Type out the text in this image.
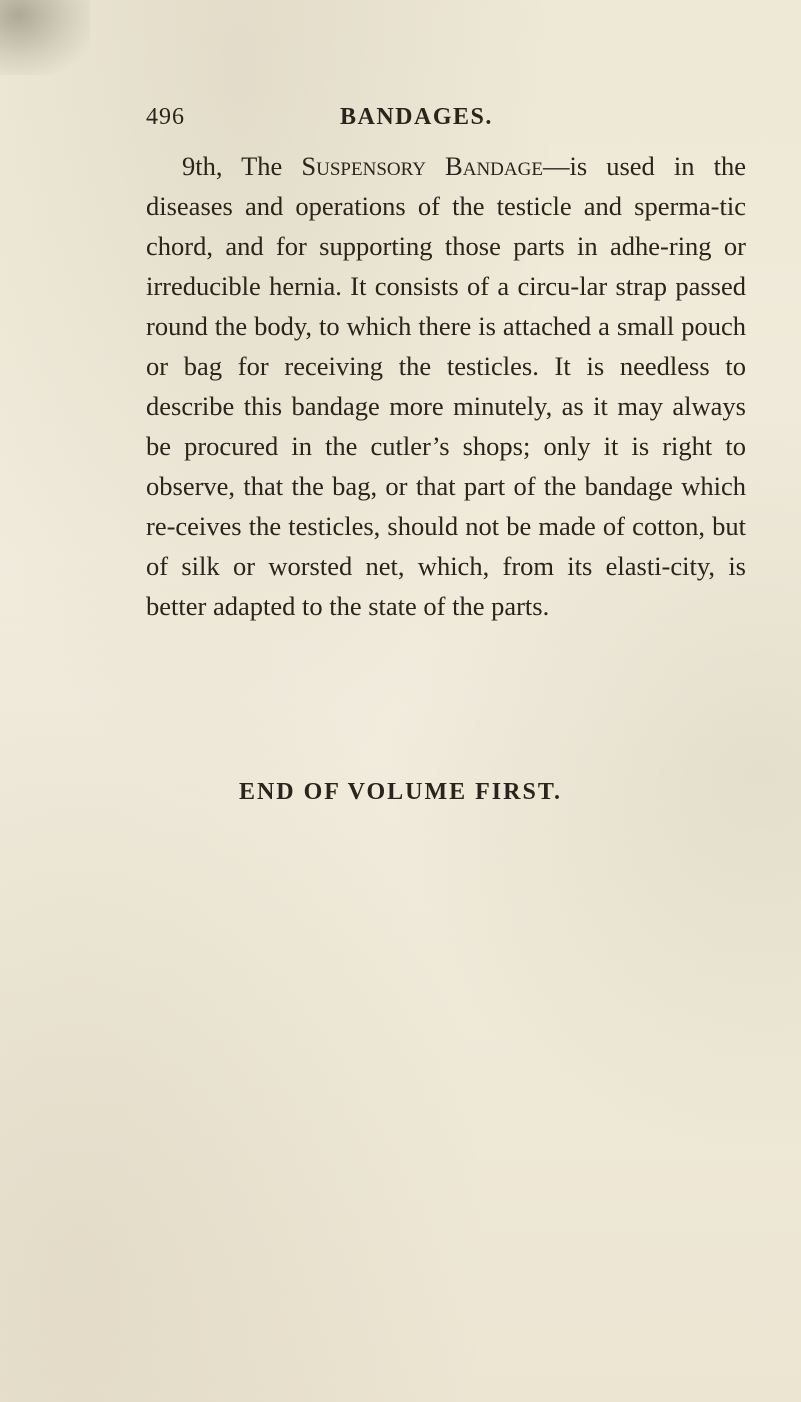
496	BANDAGES.

9th, The Suspensory Bandage—is used in the diseases and operations of the testicle and sperma-tic chord, and for supporting those parts in adhe-ring or irreducible hernia. It consists of a circu-lar strap passed round the body, to which there is attached a small pouch or bag for receiving the testicles. It is needless to describe this bandage more minutely, as it may always be procured in the cutler’s shops; only it is right to observe, that the bag, or that part of the bandage which re-ceives the testicles, should not be made of cotton, but of silk or worsted net, which, from its elasti-city, is better adapted to the state of the parts.

END OF VOLUME FIRST.
